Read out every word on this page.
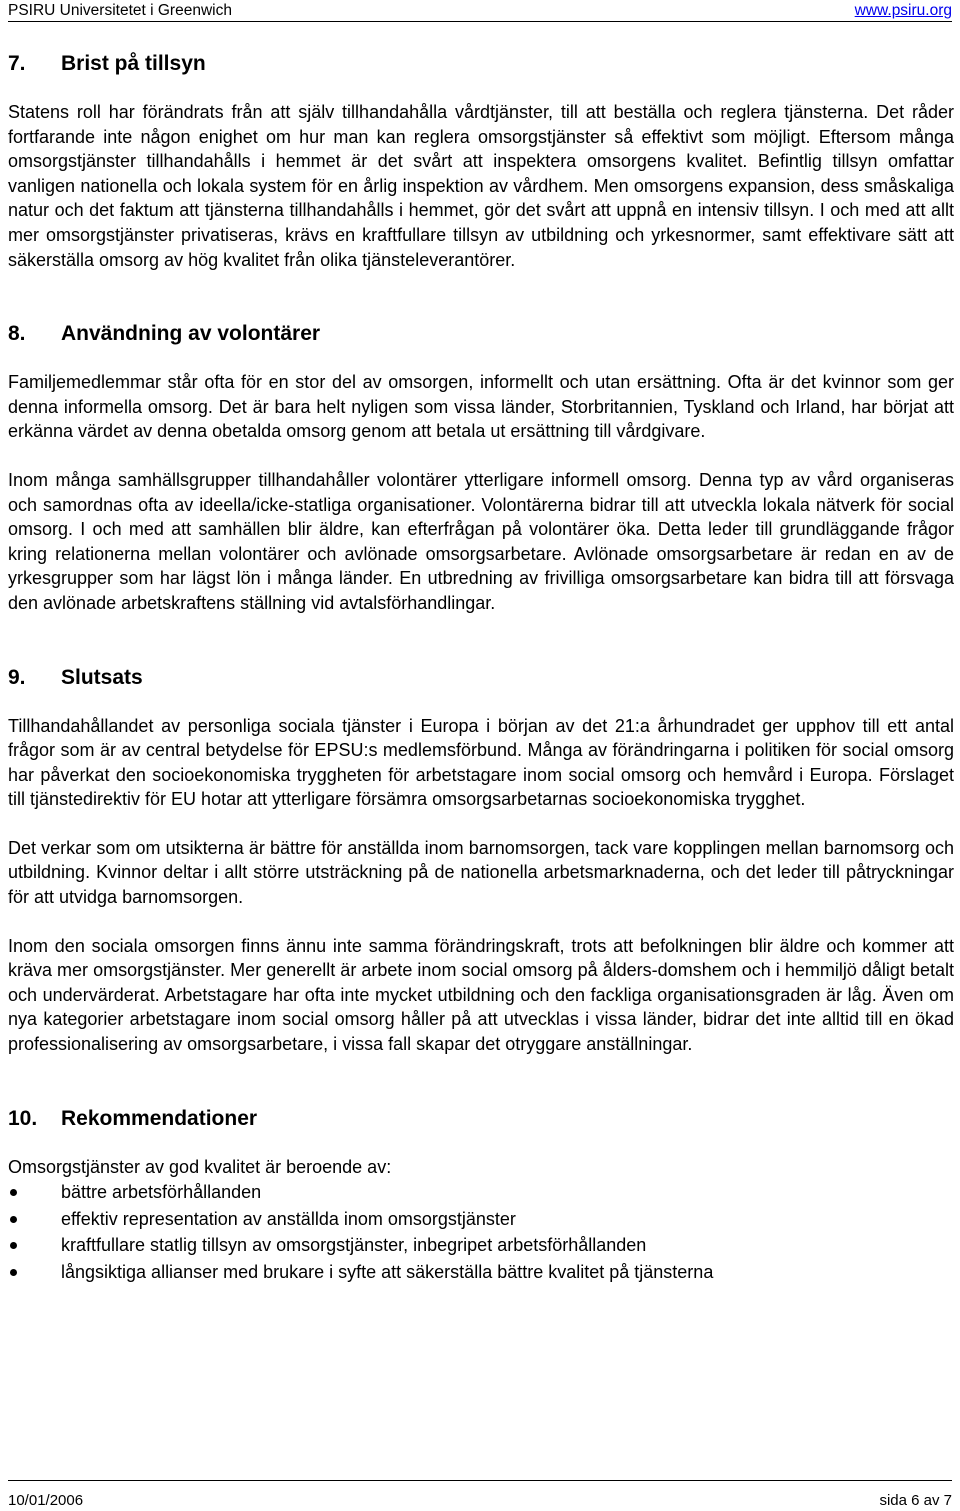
PSIRU Universitetet i Greenwich	www.psiru.org
7. Brist på tillsyn

Statens roll har förändrats från att själv tillhandahålla vårdtjänster, till att beställa och reglera tjänsterna. Det råder fortfarande inte någon enighet om hur man kan reglera omsorgstjänster så effektivt som möjligt. Eftersom många omsorgstjänster tillhandahålls i hemmet är det svårt att inspektera omsorgens kvalitet. Befintlig tillsyn omfattar vanligen nationella och lokala system för en årlig inspektion av vårdhem. Men omsorgens expansion, dess småskaliga natur och det faktum att tjänsterna tillhandahålls i hemmet, gör det svårt att uppnå en intensiv tillsyn. I och med att allt mer omsorgstjänster privatiseras, krävs en kraftfullare tillsyn av utbildning och yrkesnormer, samt effektivare sätt att säkerställa omsorg av hög kvalitet från olika tjänsteleverantörer.

8. Användning av volontärer

Familjemedlemmar står ofta för en stor del av omsorgen, informellt och utan ersättning. Ofta är det kvinnor som ger denna informella omsorg. Det är bara helt nyligen som vissa länder, Storbritannien, Tyskland och Irland, har börjat att erkänna värdet av denna obetalda omsorg genom att betala ut ersättning till vårdgivare.

Inom många samhällsgrupper tillhandahåller volontärer ytterligare informell omsorg. Denna typ av vård organiseras och samordnas ofta av ideella/icke-statliga organisationer. Volontärerna bidrar till att utveckla lokala nätverk för social omsorg. I och med att samhällen blir äldre, kan efterfrågan på volontärer öka. Detta leder till grundläggande frågor kring relationerna mellan volontärer och avlönade omsorgsarbetare. Avlönade omsorgsarbetare är redan en av de yrkesgrupper som har lägst lön i många länder. En utbredning av frivilliga omsorgsarbetare kan bidra till att försvaga den avlönade arbetskraftens ställning vid avtalsförhandlingar.

9. Slutsats

Tillhandahållandet av personliga sociala tjänster i Europa i början av det 21:a århundradet ger upphov till ett antal frågor som är av central betydelse för EPSU:s medlemsförbund. Många av förändringarna i politiken för social omsorg har påverkat den socioekonomiska tryggheten för arbetstagare inom social omsorg och hemvård i Europa. Förslaget till tjänstedirektiv för EU hotar att ytterligare försämra omsorgsarbetarnas socioekonomiska trygghet.

Det verkar som om utsikterna är bättre för anställda inom barnomsorgen, tack vare kopplingen mellan barnomsorg och utbildning. Kvinnor deltar i allt större utsträckning på de nationella arbetsmarknaderna, och det leder till påtryckningar för att utvidga barnomsorgen.

Inom den sociala omsorgen finns ännu inte samma förändringskraft, trots att befolkningen blir äldre och kommer att kräva mer omsorgstjänster. Mer generellt är arbete inom social omsorg på ålders-domshem och i hemmiljö dåligt betalt och undervärderat. Arbetstagare har ofta inte mycket utbildning och den fackliga organisationsgraden är låg. Även om nya kategorier arbetstagare inom social omsorg håller på att utvecklas i vissa länder, bidrar det inte alltid till en ökad professionalisering av omsorgsarbetare, i vissa fall skapar det otryggare anställningar.

10. Rekommendationer

Omsorgstjänster av god kvalitet är beroende av:

bättre arbetsförhållanden
effektiv representation av anställda inom omsorgstjänster
kraftfullare statlig tillsyn av omsorgstjänster, inbegripet arbetsförhållanden
långsiktiga allianser med brukare i syfte att säkerställa bättre kvalitet på tjänsterna
10/01/2006	sida 6 av 7
